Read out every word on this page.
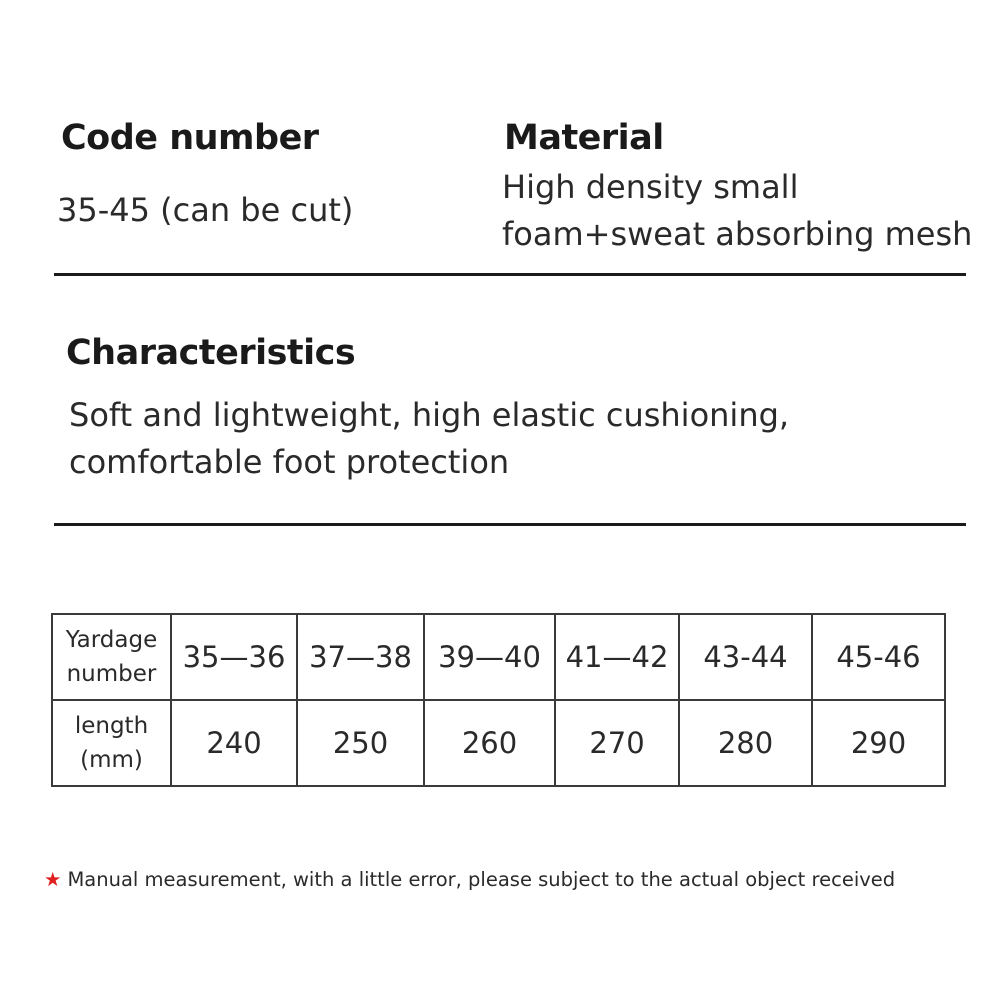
Code number
35-45 (can be cut)
Material
High density small
foam+sweat absorbing mesh
Characteristics
Soft and lightweight, high elastic cushioning,
comfortable foot protection
Yardage
number	35—36	37—38	39—40	41—42	43-44	45-46

length
(mm)	240	250	260	270	280	290
★ Manual measurement, with a little error, please subject to the actual object received
